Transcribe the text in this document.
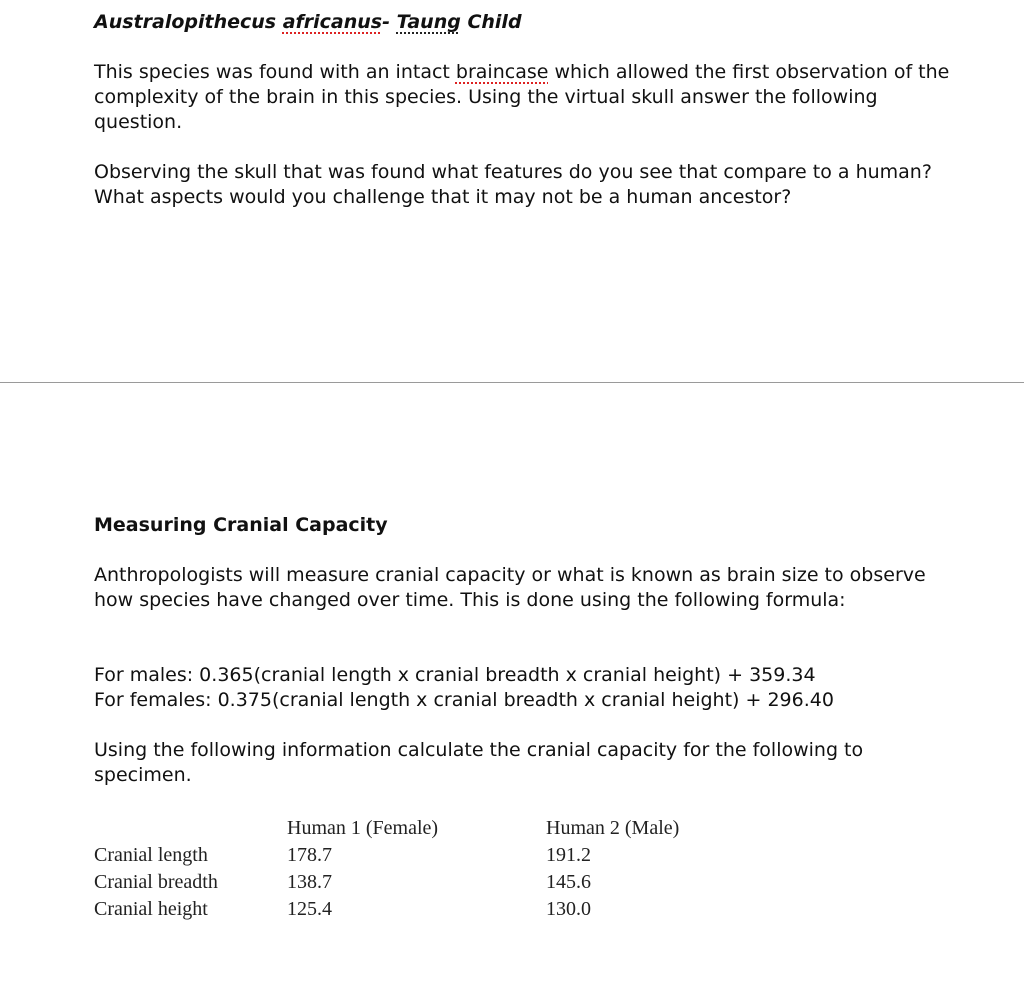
Australopithecus africanus- Taung Child

This species was found with an intact braincase which allowed the first observation of the complexity of the brain in this species. Using the virtual skull answer the following question.

Observing the skull that was found what features do you see that compare to a human? What aspects would you challenge that it may not be a human ancestor?

Measuring Cranial Capacity

Anthropologists will measure cranial capacity or what is known as brain size to observe how species have changed over time. This is done using the following formula:

For males: 0.365(cranial length x cranial breadth x cranial height) + 359.34
For females: 0.375(cranial length x cranial breadth x cranial height) + 296.40

Using the following information calculate the cranial capacity for the following to specimen.

	Human 1 (Female)	Human 2 (Male)
Cranial length	178.7	191.2
Cranial breadth	138.7	145.6
Cranial height	125.4	130.0
